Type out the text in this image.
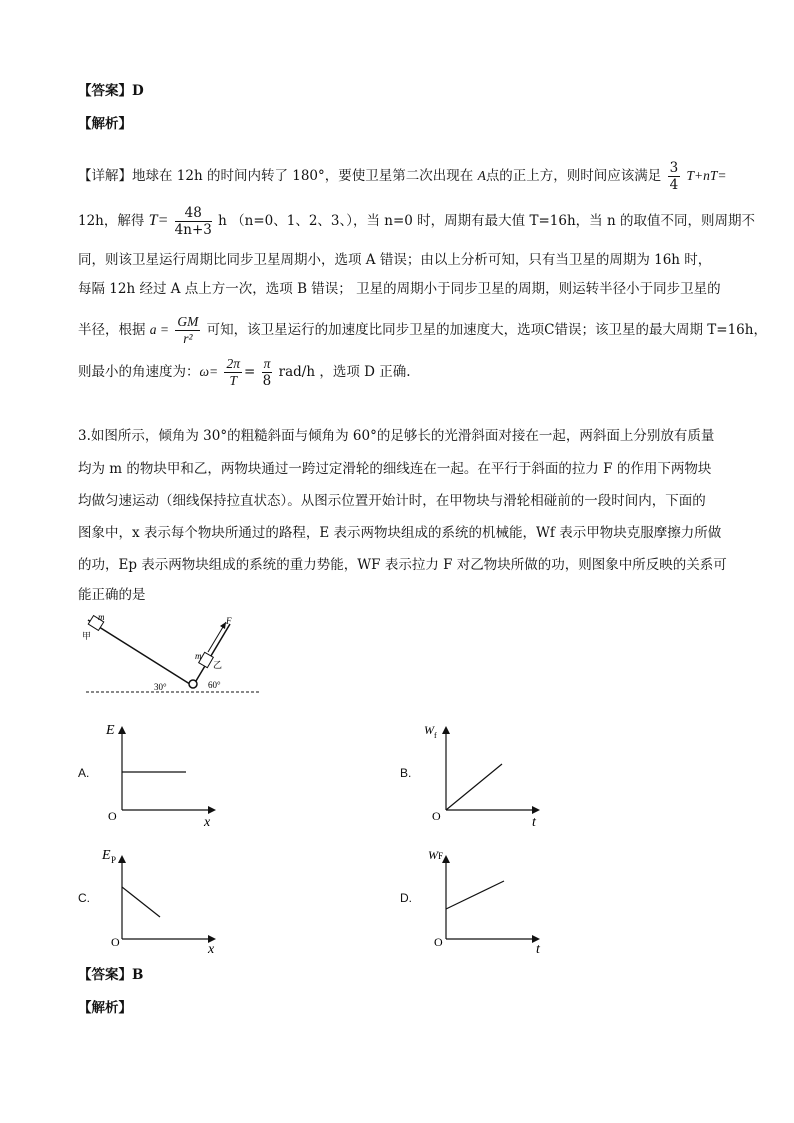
【答案】D
【解析】
【详解】地球在 12h 的时间内转了 180°，要使卫星第二次出现在 A点的正上方，则时间应该满足 $\frac{3}{4} T+nT=$
12h，解得 $T= \frac{48}{4n+3}$ h （n=0、1、2、3、），当 n=0 时，周期有最大值 T=16h，当 n 的取值不同，则周期不
同，则该卫星运行周期比同步卫星周期小，选项 A 错误；由以上分析可知，只有当卫星的周期为 16h 时，
每隔 12h 经过 A 点上方一次，选项 B 错误； 卫星的周期小于同步卫星的周期，则运转半径小于同步卫星的
半径，根据 $a = \frac{GM}{\text{r²}}$ 可知，该卫星运行的加速度比同步卫星的加速度大，选项C错误；该卫星的最大周期 T=16h，
则最小的角速度为：$\omega= \frac{2\pi}{T} = \frac{\pi}{8} rad/h$ ，选项 D 正确.
3.如图所示，倾角为 30°的粗糙斜面与倾角为 60°的足够长的光滑斜面对接在一起，两斜面上分别放有质量
均为 m 的物块甲和乙，两物块通过一跨过定滑轮的细线连在一起。在平行于斜面的拉力 F 的作用下两物块
均做匀速运动（细线保持拉直状态）。从图示位置开始计时，在甲物块与滑轮相碰前的一段时间内，下面的
图象中，x 表示每个物块所通过的路程，E 表示两物块组成的系统的机械能，Wf 表示甲物块克服摩擦力所做
的功，Ep 表示两物块组成的系统的重力势能，WF 表示拉力 F 对乙物块所做的功，则图象中所反映的关系可
能正确的是
m
甲
m
乙
F
30°	60°
A.
E
O	x
B.
W f
O	t
C.
E P
O	x
D.
W F
O	t
【答案】B
【解析】
